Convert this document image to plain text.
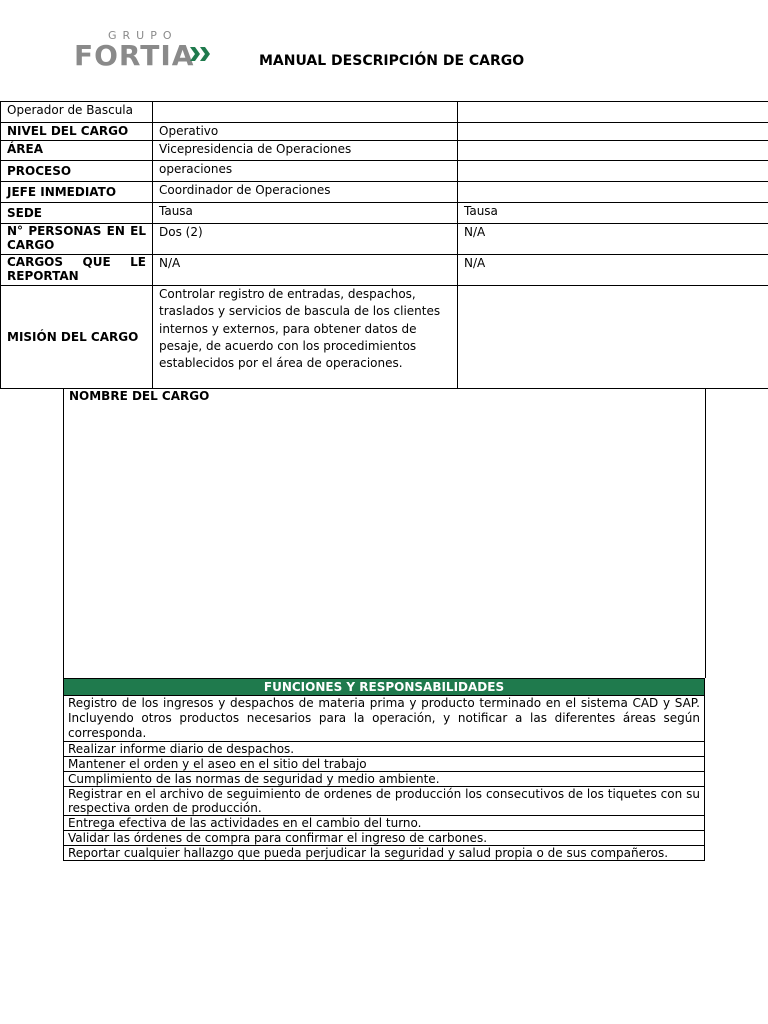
GRUPO
FORTIA	MANUAL DESCRIPCIÓN DE CARGO
Operador de Bascula		
NIVEL DEL CARGO	Operativo	
ÁREA	Vicepresidencia de Operaciones	
PROCESO	operaciones	
JEFE INMEDIATO	Coordinador de Operaciones	
SEDE	Tausa	Tausa
N° PERSONAS EN EL CARGO	Dos (2)	N/A
CARGOS QUE LE REPORTAN	N/A	N/A
MISIÓN DEL CARGO	Controlar registro de entradas, despachos, traslados y servicios de bascula de los clientes internos y externos, para obtener datos de pesaje, de acuerdo con los procedimientos establecidos por el área de operaciones.	
NOMBRE DEL CARGO
FUNCIONES Y RESPONSABILIDADES
Registro de los ingresos y despachos de materia prima y producto terminado en el sistema CAD y SAP. Incluyendo otros productos necesarios para la operación, y notificar a las diferentes áreas según corresponda.
Realizar informe diario de despachos.
Mantener el orden y el aseo en el sitio del trabajo
Cumplimiento de las normas de seguridad y medio ambiente.
Registrar en el archivo de seguimiento de ordenes de producción los consecutivos de los tiquetes con su respectiva orden de producción.
Entrega efectiva de las actividades en el cambio del turno.
Validar las órdenes de compra para confirmar el ingreso de carbones.
Reportar cualquier hallazgo que pueda perjudicar la seguridad y salud propia o de sus compañeros.
